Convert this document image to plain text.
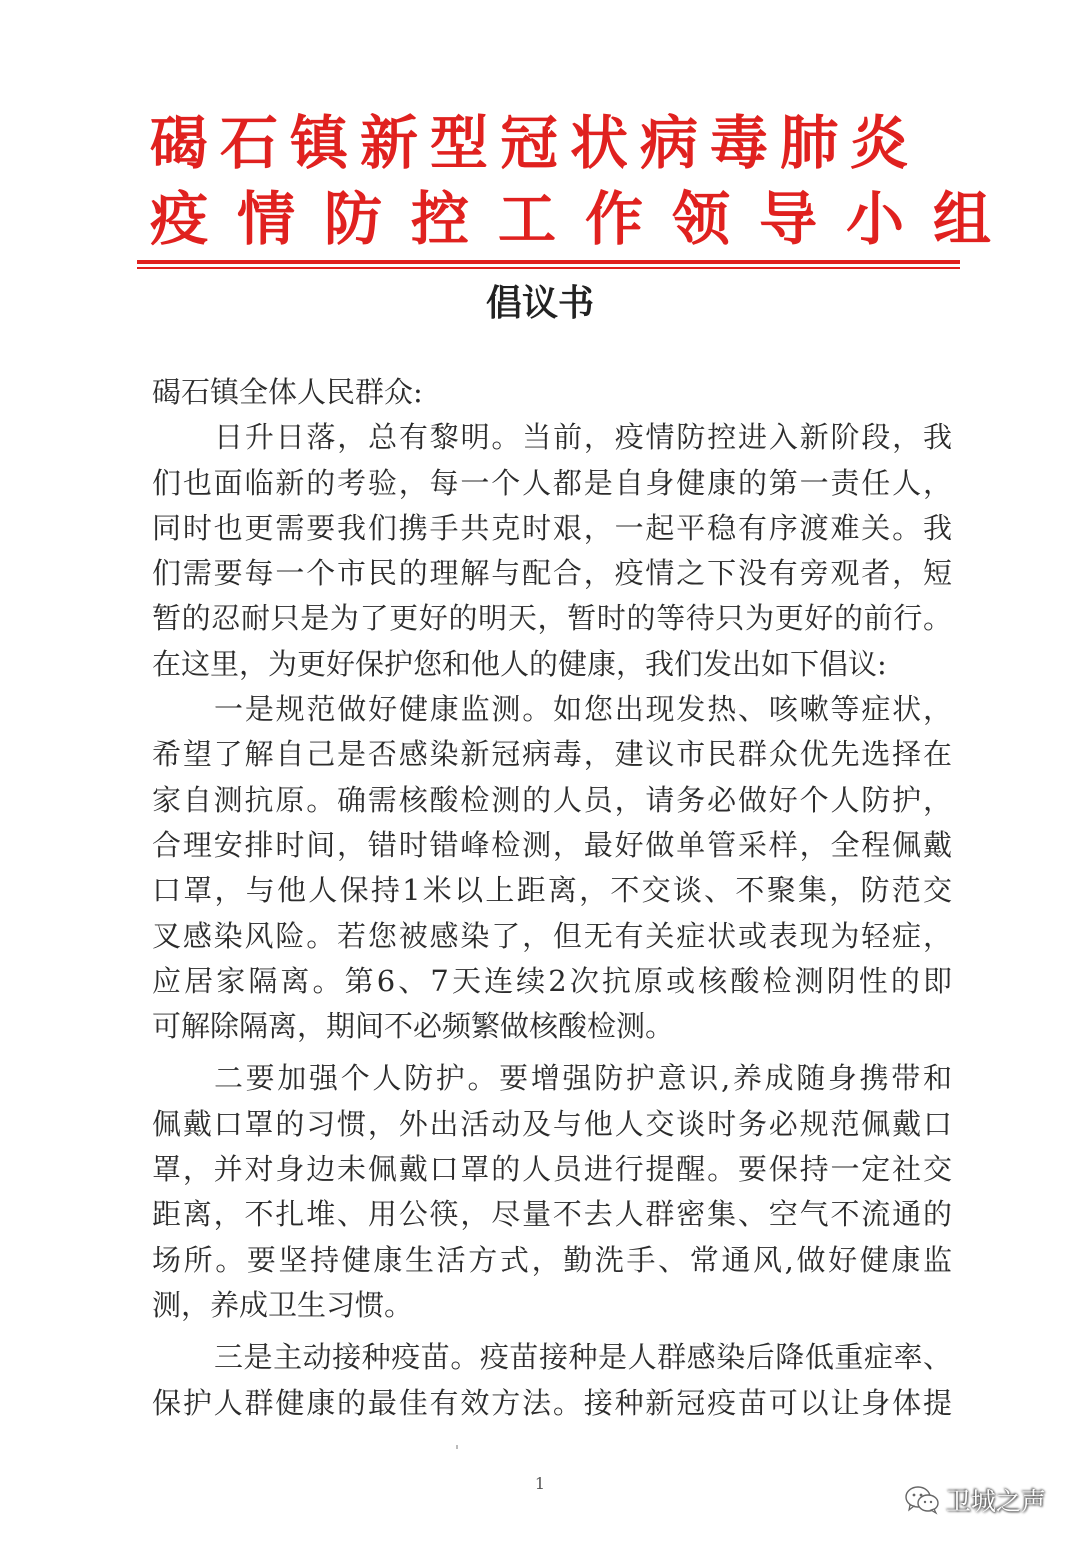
碣石镇新型冠状病毒肺炎
疫情防控工作领导小组
倡议书
碣石镇全体人民群众:
日升日落，总有黎明。当前，疫情防控进入新阶段，我
们也面临新的考验，每一个人都是自身健康的第一责任人，
同时也更需要我们携手共克时艰，一起平稳有序渡难关。我
们需要每一个市民的理解与配合，疫情之下没有旁观者，短
暂的忍耐只是为了更好的明天，暂时的等待只为更好的前行。
在这里，为更好保护您和他人的健康，我们发出如下倡议:
一是规范做好健康监测。如您出现发热、咳嗽等症状，
希望了解自己是否感染新冠病毒，建议市民群众优先选择在
家自测抗原。确需核酸检测的人员，请务必做好个人防护，
合理安排时间，错时错峰检测，最好做单管采样，全程佩戴
口罩，与他人保持1米以上距离，不交谈、不聚集，防范交
叉感染风险。若您被感染了，但无有关症状或表现为轻症，
应居家隔离。第6、7天连续2次抗原或核酸检测阴性的即
可解除隔离，期间不必频繁做核酸检测。
二要加强个人防护。要增强防护意识,养成随身携带和
佩戴口罩的习惯，外出活动及与他人交谈时务必规范佩戴口
罩，并对身边未佩戴口罩的人员进行提醒。要保持一定社交
距离，不扎堆、用公筷，尽量不去人群密集、空气不流通的
场所。要坚持健康生活方式，勤洗手、常通风,做好健康监
测，养成卫生习惯。
三是主动接种疫苗。疫苗接种是人群感染后降低重症率、
保护人群健康的最佳有效方法。接种新冠疫苗可以让身体提
1
卫城之声
